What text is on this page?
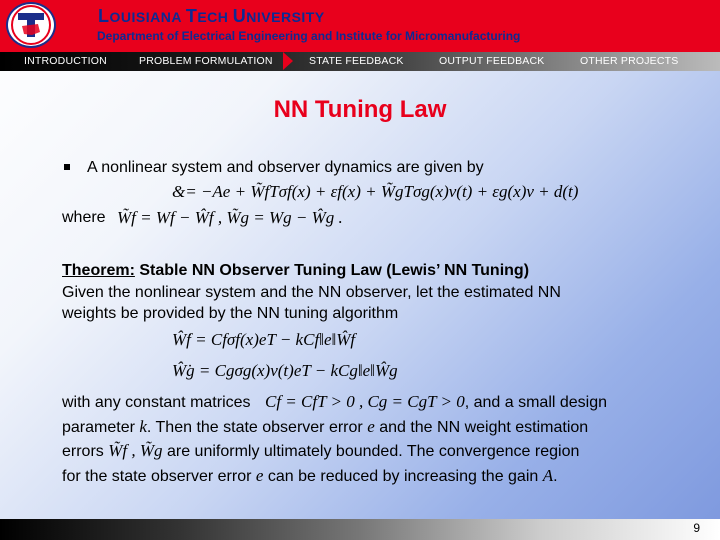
LOUISIANA TECH UNIVERSITY

Department of Electrical Engineering and Institute for Micromanufacturing

INTRODUCTION	PROBLEM FORMULATION	STATE FEEDBACK	OUTPUT FEEDBACK	OTHER PROJECTS
NN Tuning Law
A nonlinear system and observer dynamics are given by
&= −Ae + W̃fTσf(x) + εf(x) + W̃gTσg(x)v(t) + εg(x)v + d(t)
where W̃f = Wf − Ŵf , W̃g = Wg − Ŵg .
Theorem: Stable NN Observer Tuning Law (Lewis’ NN Tuning)
Given the nonlinear system and the NN observer, let the estimated NN
weights be provided by the NN tuning algorithm
Ŵ̇f = Cfσf(x)eT − kCf‖e‖Ŵf
Ŵ̇g = Cgσg(x)v(t)eT − kCg‖e‖Ŵg
with any constant matrices Cf = CfT > 0 , Cg = CgT > 0, and a small design
parameter k. Then the state observer error e and the NN weight estimation
errors W̃f , W̃g are uniformly ultimately bounded. The convergence region
for the state observer error e can be reduced by increasing the gain A.
9
